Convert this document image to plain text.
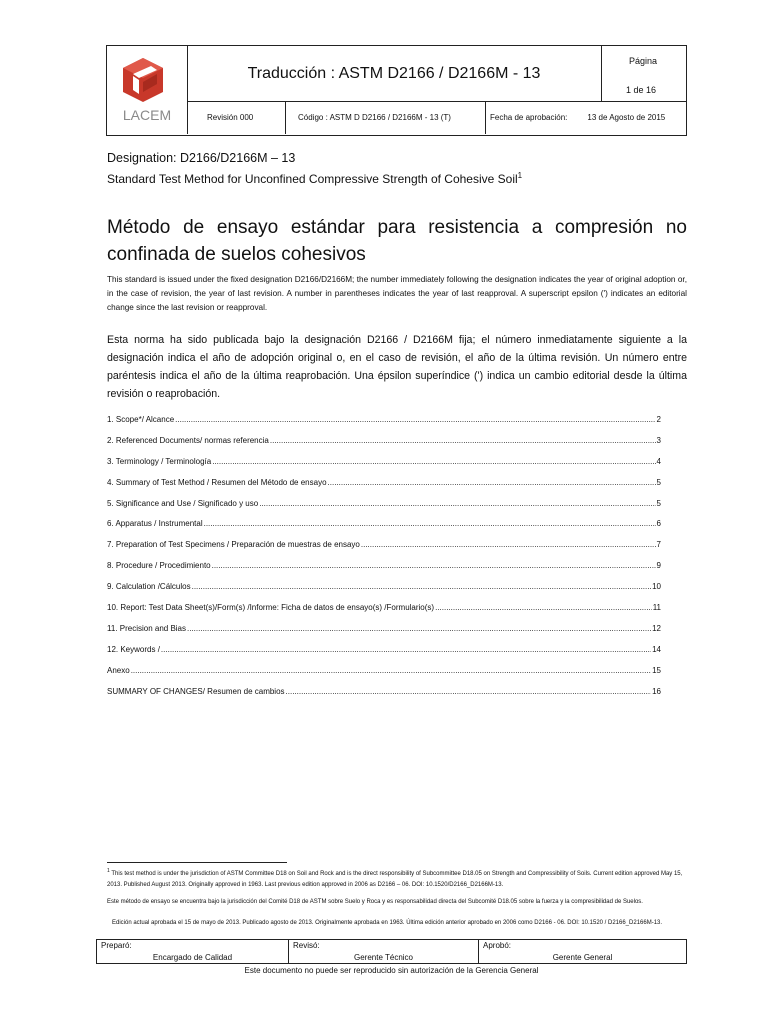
LACEM
Traducción : ASTM D2166 / D2166M - 13
Página
1 de 16
Revisión 000	Código : ASTM D D2166 / D2166M - 13 (T)	Fecha de aprobación:	13 de Agosto de 2015
Designation: D2166/D2166M – 13
Standard Test Method for Unconfined Compressive Strength of Cohesive Soil$^1$
Método de ensayo estándar para resistencia a compresión no confinada de suelos cohesivos
This standard is issued under the fixed designation D2166/D2166M; the number immediately following the designation indicates the year of original adoption or, in the case of revision, the year of last revision. A number in parentheses indicates the year of last reapproval. A superscript epsilon (') indicates an editorial change since the last revision or reapproval.
Esta norma ha sido publicada bajo la designación D2166 / D2166M fija; el número inmediatamente siguiente a la designación indica el año de adopción original o, en el caso de revisión, el año de la última revisión. Un número entre paréntesis indica el año de la última reaprobación. Una épsilon superíndice (') indica un cambio editorial desde la última revisión o reaprobación.
1. Scope*/ Alcance .....	2
2. Referenced Documents/ normas referencia .....	3
3. Terminology / Terminología .....	4
4. Summary of Test Method / Resumen del Método de ensayo .....	5
5. Significance and Use / Significado y uso .....	5
6. Apparatus / Instrumental .....	6
7. Preparation of Test Specimens / Preparación de muestras de ensayo .....	7
8. Procedure / Procedimiento .....	9
9. Calculation /Cálculos .....	10
10. Report: Test Data Sheet(s)/Form(s) /Informe: Ficha de datos de ensayo(s) /Formulario(s) .....	11
11. Precision and Bias .....	12
12. Keywords / .....	14
Anexo .....	15
SUMMARY OF CHANGES/ Resumen de cambios .....	16
$^1$ This test method is under the jurisdiction of ASTM Committee D18 on Soil and Rock and is the direct responsibility of Subcommittee D18.05 on Strength and Compressibility of Soils. Current edition approved May 15, 2013. Published August 2013. Originally approved in 1963. Last previous edition approved in 2006 as D2166 – 06. DOI: 10.1520/D2166_D2166M-13.
Este método de ensayo se encuentra bajo la jurisdicción del Comité D18 de ASTM sobre Suelo y Roca y es responsabilidad directa del Subcomité D18.05 sobre la fuerza y la compresibilidad de Suelos.
Edición actual aprobada el 15 de mayo de 2013. Publicado agosto de 2013. Originalmente aprobada en 1963. Última edición anterior aprobado en 2006 como D2166 - 06. DOI: 10.1520 / D2166_D2166M-13.
Preparó:
Encargado de Calidad
Revisó:
Gerente Técnico
Aprobó:
Gerente General
Este documento no puede ser reproducido sin autorización de la Gerencia General
